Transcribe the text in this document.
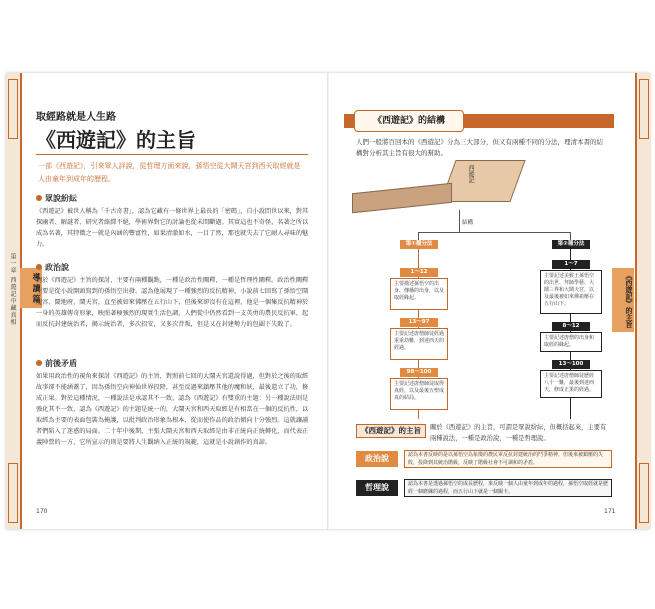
第一章 西遊記中藏真相	導 讀 篇	《西遊記》的主旨
取經路就是人生路
《西遊記》的主旨
一部《西遊記》，引來眾人評說，從哲理方面來說，孫悟空從大鬧天宮到西天取經就是人由童年到成年的歷程。
眾說紛紜
《西遊記》被世人稱為「千古奇書」，認為它藏有一條世界上最長的「密碼」，自小說問世以來，對其探幽者、解謎者、研究者絡繹不絕，學術界對它的討論也從未間斷過。其實這也不奇怪，名著之所以成為名著，其特徵之一就是內涵的豐富性，如果清澈如水，一目了然，那也就失去了它耐人尋味的魅力。
政治說
對於《西遊記》主旨的探討，主要有兩種觀點，一種是政治性闡釋，一種是哲理性闡釋。政治性闡釋主要是從小說開頭寫到的孫悟空出發，認為他展現了一種強烈的反抗精神，小說前七回寫了孫悟空鬧龍宮、鬧地府、鬧天宮，直至被如來佛壓在五行山下，但後來卻沒有在這裡，他是一個集反抗精神於一身的英雄傳奇形象，映照著極強烈的現實生活色調，人們從中仍然看到一支英勇的農民反抗軍，起而反抗封建統治者，揭示統治者，多次招安，又多次背叛，但是又在封建勢力的包圍下失敗了。
前後矛盾
如果用政治性的視角來探討《西遊記》的主旨，對照前七回的大鬧天宮還說得過，但對於之後的取經故事卻不能涵蓋了，因為孫悟空向神仙世界投降，甚至反過來鎮壓其他的魔和妖，最後還立了功，修成正果。對於這種情況，一種說法是承認其不一致，認為《西遊記》有雙重的主題：另一種說法則是強化其不一致，認為《西遊記》的主題是統一的，大鬧天宮和西天取經是有相當在一個的反抗性，以取經為主要的表面包裝為掩護，以批判政治形象為根本，從而使作品的政治傾向十分強烈。這就讓讀者們陷入了迷惑的局面。二十年中後期，主張大鬧天宮和西天取經是由非正統向正統轉化，而代表正義陣營的一方，它所宣示的則是要將人生觀納入正統的規範，這就是小說創作的真諦。
170
《西遊記》的結構
人們一般將百回本的《西遊記》分為三大部分，但又有兩種不同的分法，理清本書的結構對分析其主旨有很大的幫助。
西遊記
結構
第①種分法
1～12
主要描述孫悟空的出身、傳播的出身，以及取經緣起。
13～97
主要記述唐僧師徒經過重重劫難，到達西天的經過。
98～100
主要記述唐僧師徒取得真經，以及最後五聖成真的結局。
第②種分法
1～7
主要記述美猴王孫悟空的出世、拜師學藝、大鬧三界和大鬧天宮，以及最後被如來佛祖壓在五行山下。
8～12
主要記述唐僧的出身和取經的緣起。
13～100
主要記述唐僧師徒歷經八十一難，最後到達西天，修成正果的經過。
《西遊記》的主旨	關於《西遊記》的主旨，可謂是眾說紛紜，但概括起來，主要有兩種說法，一種是政治說，一種是哲理說。
政治說	認為本書反映的是以孫悟空為象徵的農民軍反抗封建統治的鬥爭精神，但後來被鎮壓的失敗，投降到其統治階級，反映了階級社會不可調和的矛盾。
哲理說	認為本書是透過孫悟空的成長歷程，來反映一個人由童年到成年的過程，孫悟空取經就是歷經一個磨練的過程，而五行山下就是一個關卡。
171
